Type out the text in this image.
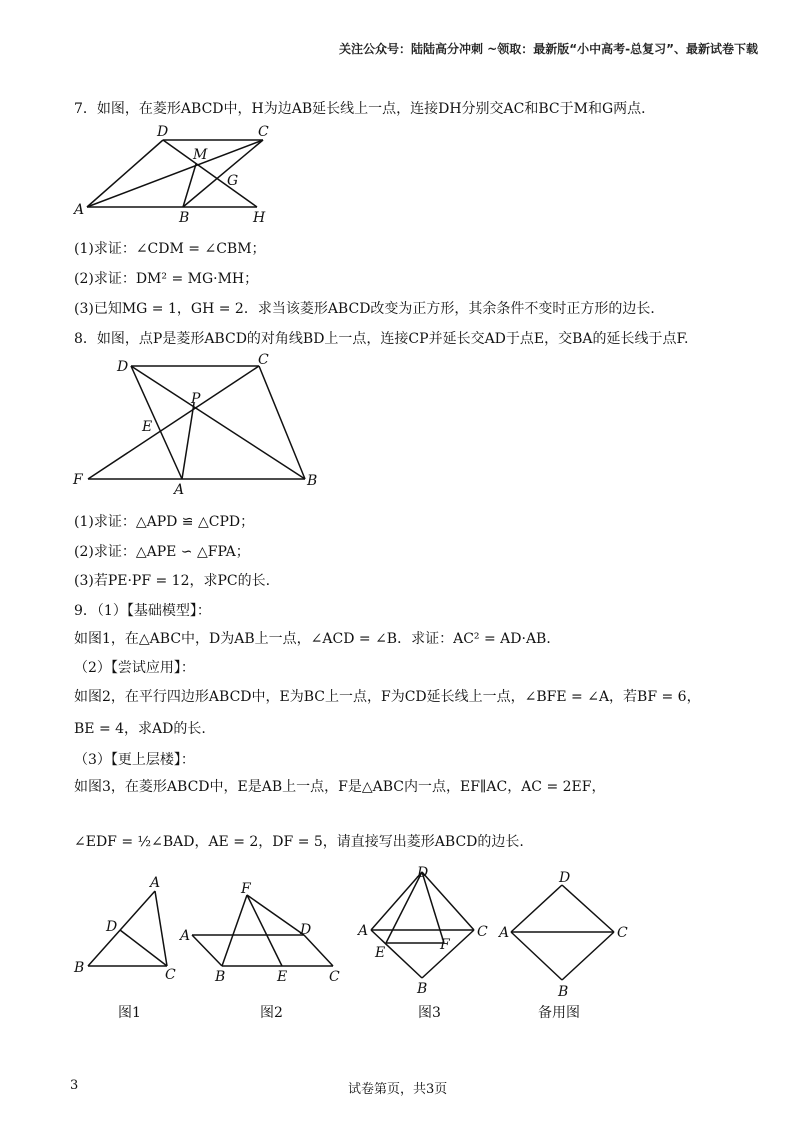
关注公众号：陆陆高分冲刺 ~领取：最新版“小中高考-总复习”、最新试卷下载
7．如图，在菱形ABCD中，H为边AB延长线上一点，连接DH分别交AC和BC于M和G两点．
D	C
M
G
A	B	H
(1)求证：∠CDM = ∠CBM；
(2)求证：DM² = MG·MH；
(3)已知MG = 1，GH = 2．求当该菱形ABCD改变为正方形，其余条件不变时正方形的边长．
8．如图，点P是菱形ABCD的对角线BD上一点，连接CP并延长交AD于点E，交BA的延长线于点F.
D	C
P
E
F
A
B
(1)求证：△APD ≌ △CPD；
(2)求证：△APE ∽ △FPA；
(3)若PE·PF = 12，求PC的长.
9．（1）【基础模型】：
如图1，在△ABC中，D为AB上一点，∠ACD = ∠B．求证：AC² = AD·AB．
（2）【尝试应用】：
如图2，在平行四边形ABCD中，E为BC上一点，F为CD延长线上一点，∠BFE = ∠A，若BF = 6，
BE = 4，求AD的长.
（3）【更上层楼】：
如图3，在菱形ABCD中，E是AB上一点，F是△ABC内一点，EF∥AC，AC = 2EF，
∠EDF = ½∠BAD，AE = 2，DF = 5，请直接写出菱形ABCD的边长.
A
D
B	C
F
A	D
B	E	C
D
A	C
E	F
B
D
A	C
B
图1	图2	图3	备用图
3	试卷第页，共3页
